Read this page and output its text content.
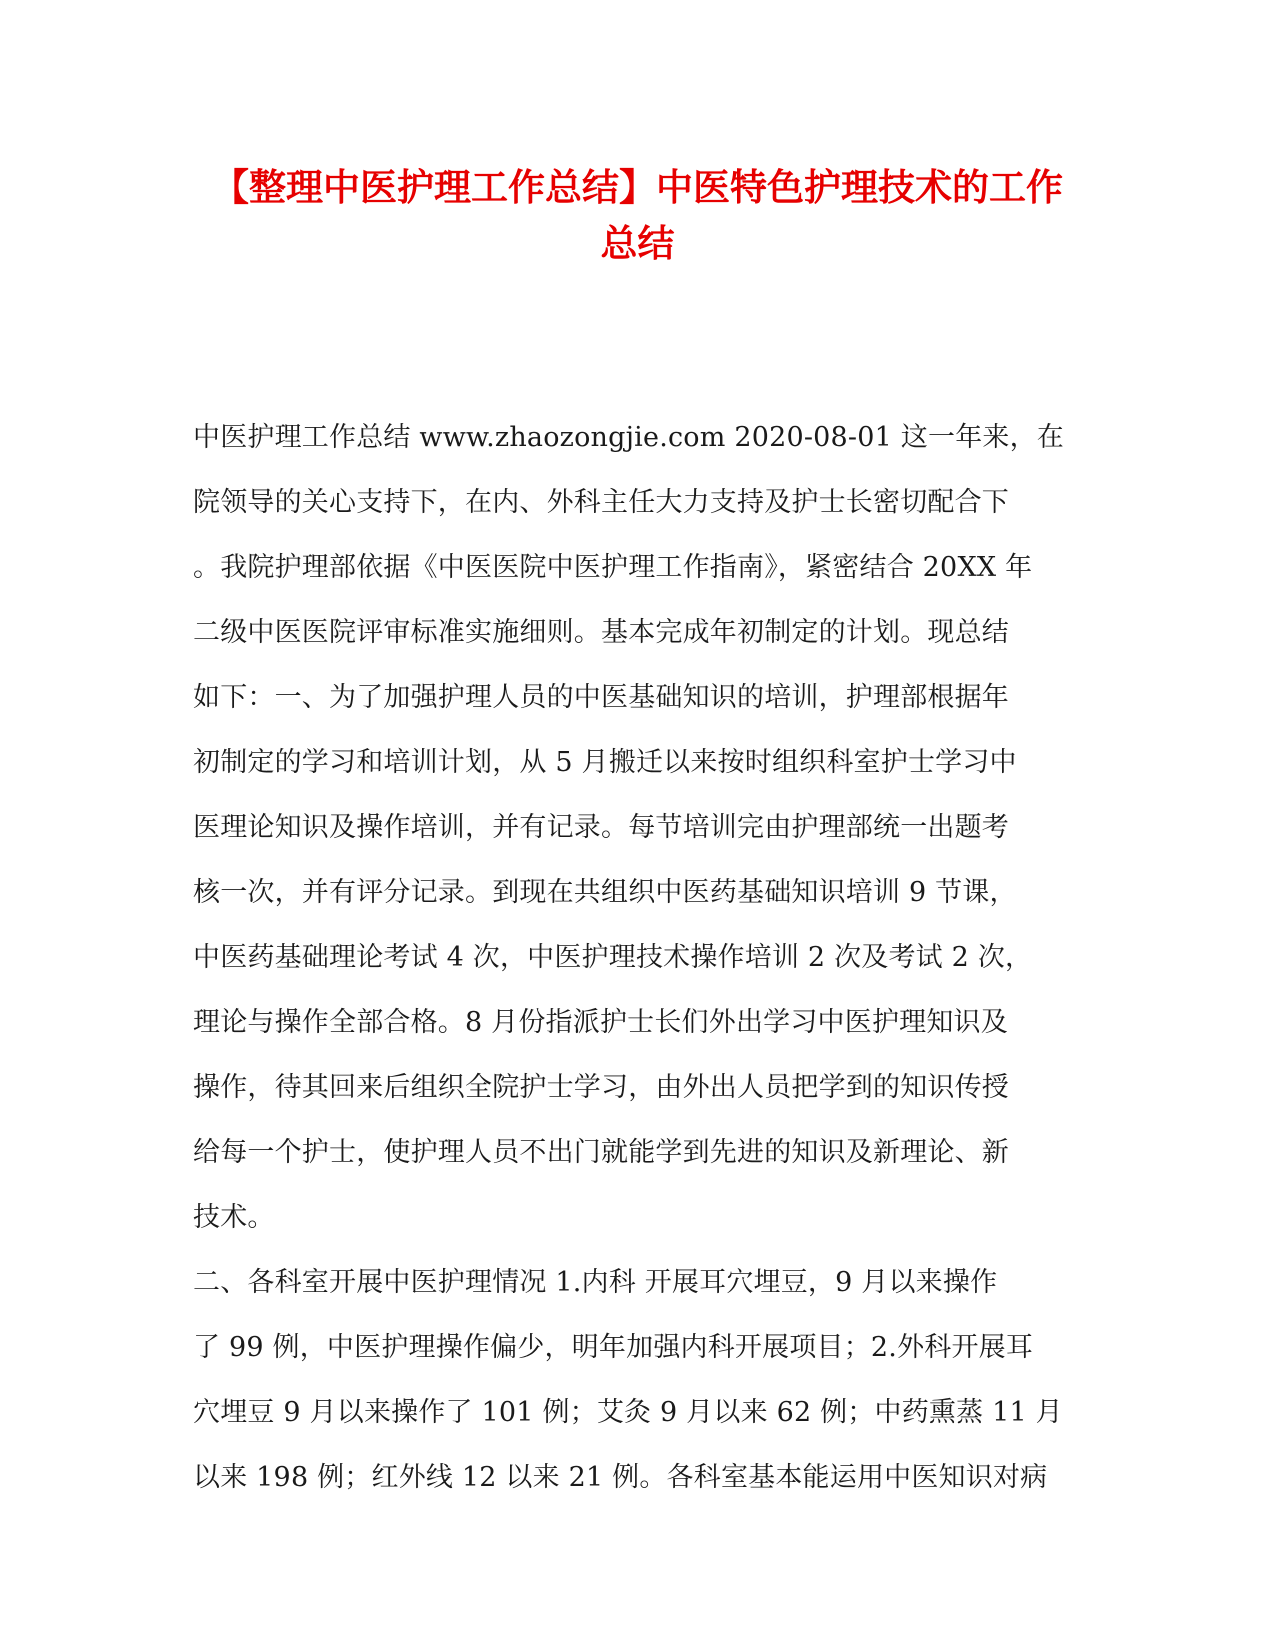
【整理中医护理工作总结】中医特色护理技术的工作
总结
中医护理工作总结 www.zhaozongjie.com 2020-08-01 这一年来，在
院领导的关心支持下，在内、外科主任大力支持及护士长密切配合下
。我院护理部依据《中医医院中医护理工作指南》，紧密结合 20XX 年
二级中医医院评审标准实施细则。基本完成年初制定的计划。现总结
如下：一、为了加强护理人员的中医基础知识的培训，护理部根据年
初制定的学习和培训计划，从 5 月搬迁以来按时组织科室护士学习中
医理论知识及操作培训，并有记录。每节培训完由护理部统一出题考
核一次，并有评分记录。到现在共组织中医药基础知识培训 9 节课，
中医药基础理论考试 4 次，中医护理技术操作培训 2 次及考试 2 次，
理论与操作全部合格。8 月份指派护士长们外出学习中医护理知识及
操作，待其回来后组织全院护士学习，由外出人员把学到的知识传授
给每一个护士，使护理人员不出门就能学到先进的知识及新理论、新
技术。
二、各科室开展中医护理情况 1.内科 开展耳穴埋豆，9 月以来操作
了 99 例，中医护理操作偏少，明年加强内科开展项目；2.外科开展耳
穴埋豆 9 月以来操作了 101 例；艾灸 9 月以来 62 例；中药熏蒸 11 月
以来 198 例；红外线 12 以来 21 例。各科室基本能运用中医知识对病
